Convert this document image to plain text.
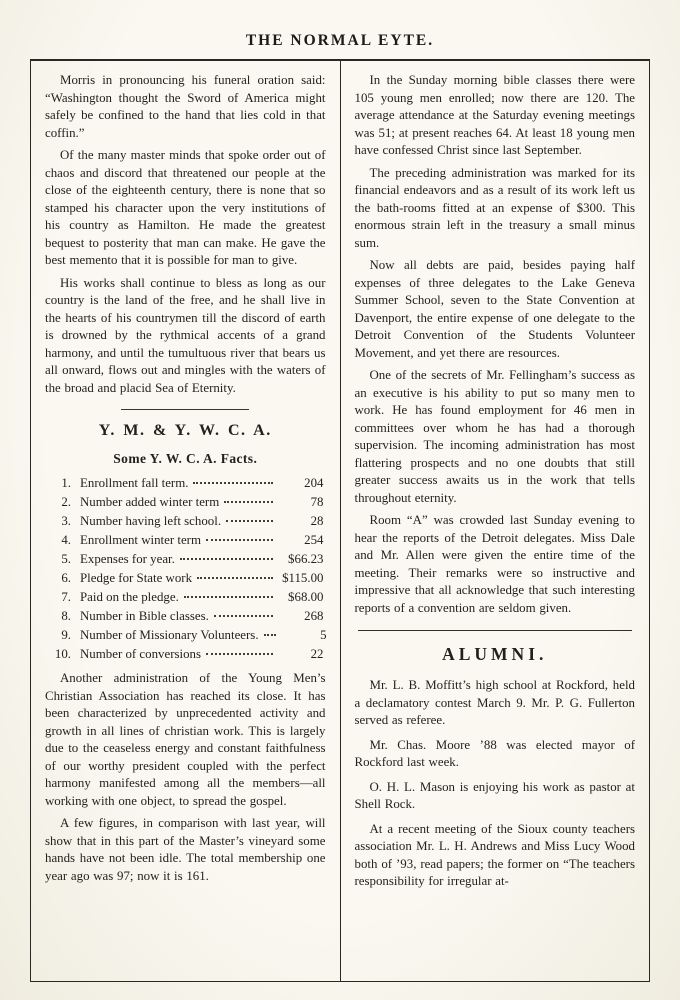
THE NORMAL EYTE.

Morris in pronouncing his funeral oration said: “Washington thought the Sword of America might safely be confined to the hand that lies cold in that coffin.”

Of the many master minds that spoke order out of chaos and discord that threatened our people at the close of the eighteenth century, there is none that so stamped his character upon the very institutions of his country as Hamilton. He made the greatest bequest to posterity that man can make. He gave the best memento that it is possible for man to give.

His works shall continue to bless as long as our country is the land of the free, and he shall live in the hearts of his countrymen till the discord of earth is drowned by the rythmical accents of a grand harmony, and until the tumultuous river that bears us all onward, flows out and mingles with the waters of the broad and placid Sea of Eternity.

Y. M. & Y. W. C. A.
Some Y. W. C. A. Facts.
1. Enrollment fall term.	204
2. Number added winter term	78
3. Number having left school.	28
4. Enrollment winter term	254
5. Expenses for year.	$66.23
6. Pledge for State work	$115.00
7. Paid on the pledge.	$68.00
8. Number in Bible classes.	268
9. Number of Missionary Volunteers.	5
10. Number of conversions	22

Another administration of the Young Men’s Christian Association has reached its close. It has been characterized by unprecedented activity and growth in all lines of christian work. This is largely due to the ceaseless energy and constant faithfulness of our worthy president coupled with the perfect harmony manifested among all the members—all working with one object, to spread the gospel.

A few figures, in comparison with last year, will show that in this part of the Master’s vineyard some hands have not been idle. The total membership one year ago was 97; now it is 161.

In the Sunday morning bible classes there were 105 young men enrolled; now there are 120. The average attendance at the Saturday evening meetings was 51; at present reaches 64. At least 18 young men have confessed Christ since last September.

The preceding administration was marked for its financial endeavors and as a result of its work left us the bath-rooms fitted at an expense of $300. This enormous strain left in the treasury a small minus sum.

Now all debts are paid, besides paying half expenses of three delegates to the Lake Geneva Summer School, seven to the State Convention at Davenport, the entire expense of one delegate to the Detroit Convention of the Students Volunteer Movement, and yet there are resources.

One of the secrets of Mr. Fellingham’s success as an executive is his ability to put so many men to work. He has found employment for 46 men in committees over whom he has had a thorough supervision. The incoming administration has most flattering prospects and no one doubts that still greater success awaits us in the work that tells throughout eternity.

Room “A” was crowded last Sunday evening to hear the reports of the Detroit delegates. Miss Dale and Mr. Allen were given the entire time of the meeting. Their remarks were so instructive and impressive that all acknowledge that such interesting reports of a convention are seldom given.

ALUMNI.

Mr. L. B. Moffitt’s high school at Rockford, held a declamatory contest March 9. Mr. P. G. Fullerton served as referee.

Mr. Chas. Moore ’88 was elected mayor of Rockford last week.

O. H. L. Mason is enjoying his work as pastor at Shell Rock.

At a recent meeting of the Sioux county teachers association Mr. L. H. Andrews and Miss Lucy Wood both of ’93, read papers; the former on “The teachers responsibility for irregular at-
